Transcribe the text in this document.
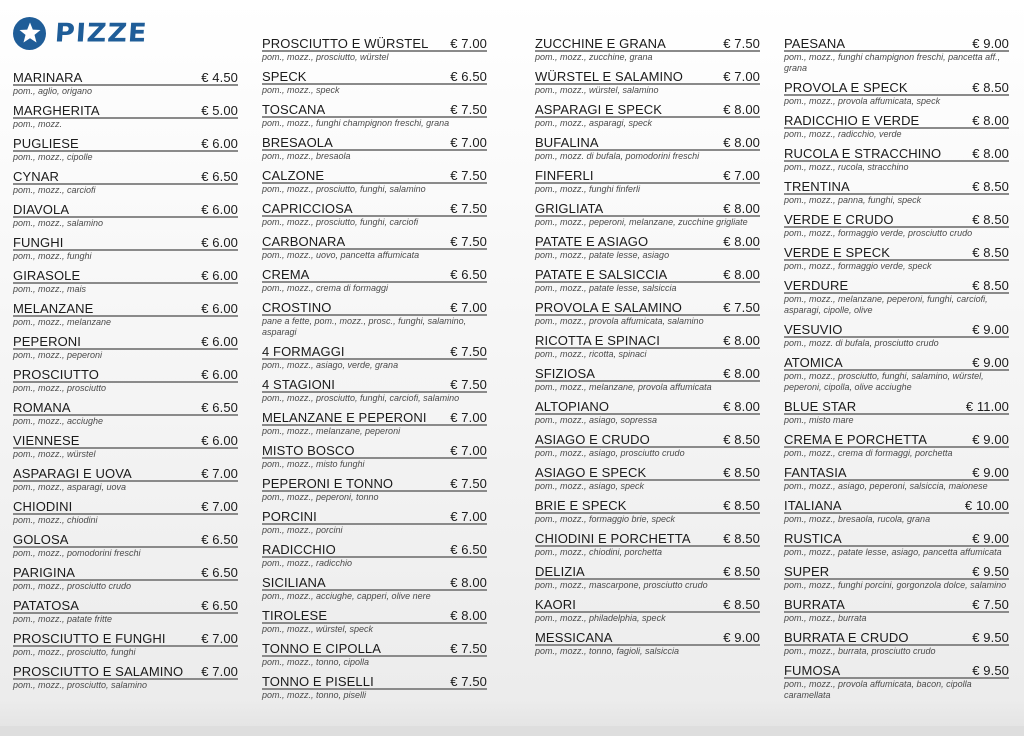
PIZZE
MARINARA	€ 4.50
pom., aglio, origano
MARGHERITA	€ 5.00
pom., mozz.
PUGLIESE	€ 6.00
pom., mozz., cipolle
CYNAR	€ 6.50
pom., mozz., carciofi
DIAVOLA	€ 6.00
pom., mozz., salamino
FUNGHI	€ 6.00
pom., mozz., funghi
GIRASOLE	€ 6.00
pom., mozz., mais
MELANZANE	€ 6.00
pom., mozz., melanzane
PEPERONI	€ 6.00
pom., mozz., peperoni
PROSCIUTTO	€ 6.00
pom., mozz., prosciutto
ROMANA	€ 6.50
pom., mozz., acciughe
VIENNESE	€ 6.00
pom., mozz., würstel
ASPARAGI E UOVA	€ 7.00
pom., mozz., asparagi, uova
CHIODINI	€ 7.00
pom., mozz., chiodini
GOLOSA	€ 6.50
pom., mozz., pomodorini freschi
PARIGINA	€ 6.50
pom., mozz., prosciutto crudo
PATATOSA	€ 6.50
pom., mozz., patate fritte
PROSCIUTTO E FUNGHI	€ 7.00
pom., mozz., prosciutto, funghi
PROSCIUTTO E SALAMINO € 7.00
pom., mozz., prosciutto, salamino
PROSCIUTTO E WÜRSTEL € 7.00
pom., mozz., prosciutto, würstel
SPECK	€ 6.50
pom., mozz., speck
TOSCANA	€ 7.50
pom., mozz., funghi champignon freschi, grana
BRESAOLA	€ 7.00
pom., mozz., bresaola
CALZONE	€ 7.50
pom., mozz., prosciutto, funghi, salamino
CAPRICCIOSA	€ 7.50
pom., mozz., prosciutto, funghi, carciofi
CARBONARA	€ 7.50
pom., mozz., uovo, pancetta affumicata
CREMA	€ 6.50
pom., mozz., crema di formaggi
CROSTINO	€ 7.00
pane a fette, pom., mozz., prosc., funghi, salamino, asparagi
4 FORMAGGI	€ 7.50
pom., mozz., asiago, verde, grana
4 STAGIONI	€ 7.50
pom., mozz., prosciutto, funghi, carciofi, salamino
MELANZANE E PEPERONI € 7.00
pom., mozz., melanzane, peperoni
MISTO BOSCO	€ 7.00
pom., mozz., misto funghi
PEPERONI E TONNO	€ 7.50
pom., mozz., peperoni, tonno
PORCINI	€ 7.00
pom., mozz., porcini
RADICCHIO	€ 6.50
pom., mozz., radicchio
SICILIANA	€ 8.00
pom., mozz., acciughe, capperi, olive nere
TIROLESE	€ 8.00
pom., mozz., würstel, speck
TONNO E CIPOLLA	€ 7.50
pom., mozz., tonno, cipolla
TONNO E PISELLI	€ 7.50
pom., mozz., tonno, piselli
ZUCCHINE E GRANA	€ 7.50
pom., mozz., zucchine, grana
WÜRSTEL E SALAMINO	€ 7.00
pom., mozz., würstel, salamino
ASPARAGI E SPECK	€ 8.00
pom., mozz., asparagi, speck
BUFALINA	€ 8.00
pom., mozz. di bufala, pomodorini freschi
FINFERLI	€ 7.00
pom., mozz., funghi finferli
GRIGLIATA	€ 8.00
pom., mozz., peperoni, melanzane, zucchine grigliate
PATATE E ASIAGO	€ 8.00
pom., mozz., patate lesse, asiago
PATATE E SALSICCIA	€ 8.00
pom., mozz., patate lesse, salsiccia
PROVOLA E SALAMINO	€ 7.50
pom., mozz., provola affumicata, salamino
RICOTTA E SPINACI	€ 8.00
pom., mozz., ricotta, spinaci
SFIZIOSA	€ 8.00
pom., mozz., melanzane, provola affumicata
ALTOPIANO	€ 8.00
pom., mozz., asiago, sopressa
ASIAGO E CRUDO	€ 8.50
pom., mozz., asiago, prosciutto crudo
ASIAGO E SPECK	€ 8.50
pom., mozz., asiago, speck
BRIE E SPECK	€ 8.50
pom., mozz., formaggio brie, speck
CHIODINI E PORCHETTA	€ 8.50
pom., mozz., chiodini, porchetta
DELIZIA	€ 8.50
pom., mozz., mascarpone, prosciutto crudo
KAORI	€ 8.50
pom., mozz., philadelphia, speck
MESSICANA	€ 9.00
pom., mozz., tonno, fagioli, salsiccia
PAESANA	€ 9.00
pom., mozz., funghi champignon freschi, pancetta aff., grana
PROVOLA E SPECK	€ 8.50
pom., mozz., provola affumicata, speck
RADICCHIO E VERDE	€ 8.00
pom., mozz., radicchio, verde
RUCOLA E STRACCHINO € 8.00
pom., mozz., rucola, stracchino
TRENTINA	€ 8.50
pom., mozz., panna, funghi, speck
VERDE E CRUDO	€ 8.50
pom., mozz., formaggio verde, prosciutto crudo
VERDE E SPECK	€ 8.50
pom., mozz., formaggio verde, speck
VERDURE	€ 8.50
pom., mozz., melanzane, peperoni, funghi, carciofi, asparagi, cipolle, olive
VESUVIO	€ 9.00
pom., mozz. di bufala, prosciutto crudo
ATOMICA	€ 9.00
pom., mozz., prosciutto, funghi, salamino, würstel, peperoni, cipolla, olive acciughe
BLUE STAR	€ 11.00
pom., misto mare
CREMA E PORCHETTA	€ 9.00
pom., mozz., crema di formaggi, porchetta
FANTASIA	€ 9.00
pom., mozz., asiago, peperoni, salsiccia, maionese
ITALIANA	€ 10.00
pom., mozz., bresaola, rucola, grana
RUSTICA	€ 9.00
pom., mozz., patate lesse, asiago, pancetta affumicata
SUPER	€ 9.50
pom., mozz., funghi porcini, gorgonzola dolce, salamino
BURRATA	€ 7.50
pom., mozz., burrata
BURRATA E CRUDO	€ 9.50
pom., mozz., burrata, prosciutto crudo
FUMOSA	€ 9.50
pom., mozz., provola affumicata, bacon, cipolla caramellata
